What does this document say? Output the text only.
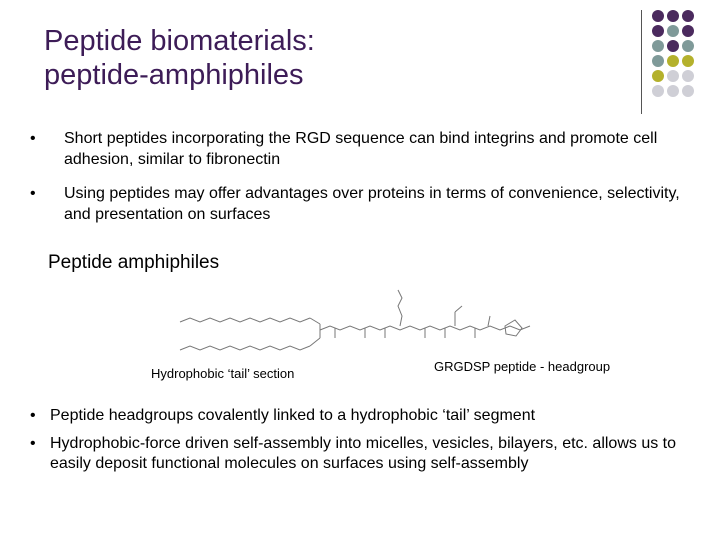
Peptide biomaterials:
peptide-amphiphiles
•	Short peptides incorporating the RGD sequence can bind integrins and promote cell adhesion, similar to fibronectin
•	Using peptides may offer advantages over proteins in terms of convenience, selectivity, and presentation on surfaces
Peptide amphiphiles
Hydrophobic ‘tail’ section	GRGDSP peptide - headgroup
• Peptide headgroups covalently linked to a hydrophobic ‘tail’ segment
• Hydrophobic-force driven self-assembly into micelles, vesicles, bilayers, etc. allows us to easily deposit functional molecules on surfaces using self-assembly
